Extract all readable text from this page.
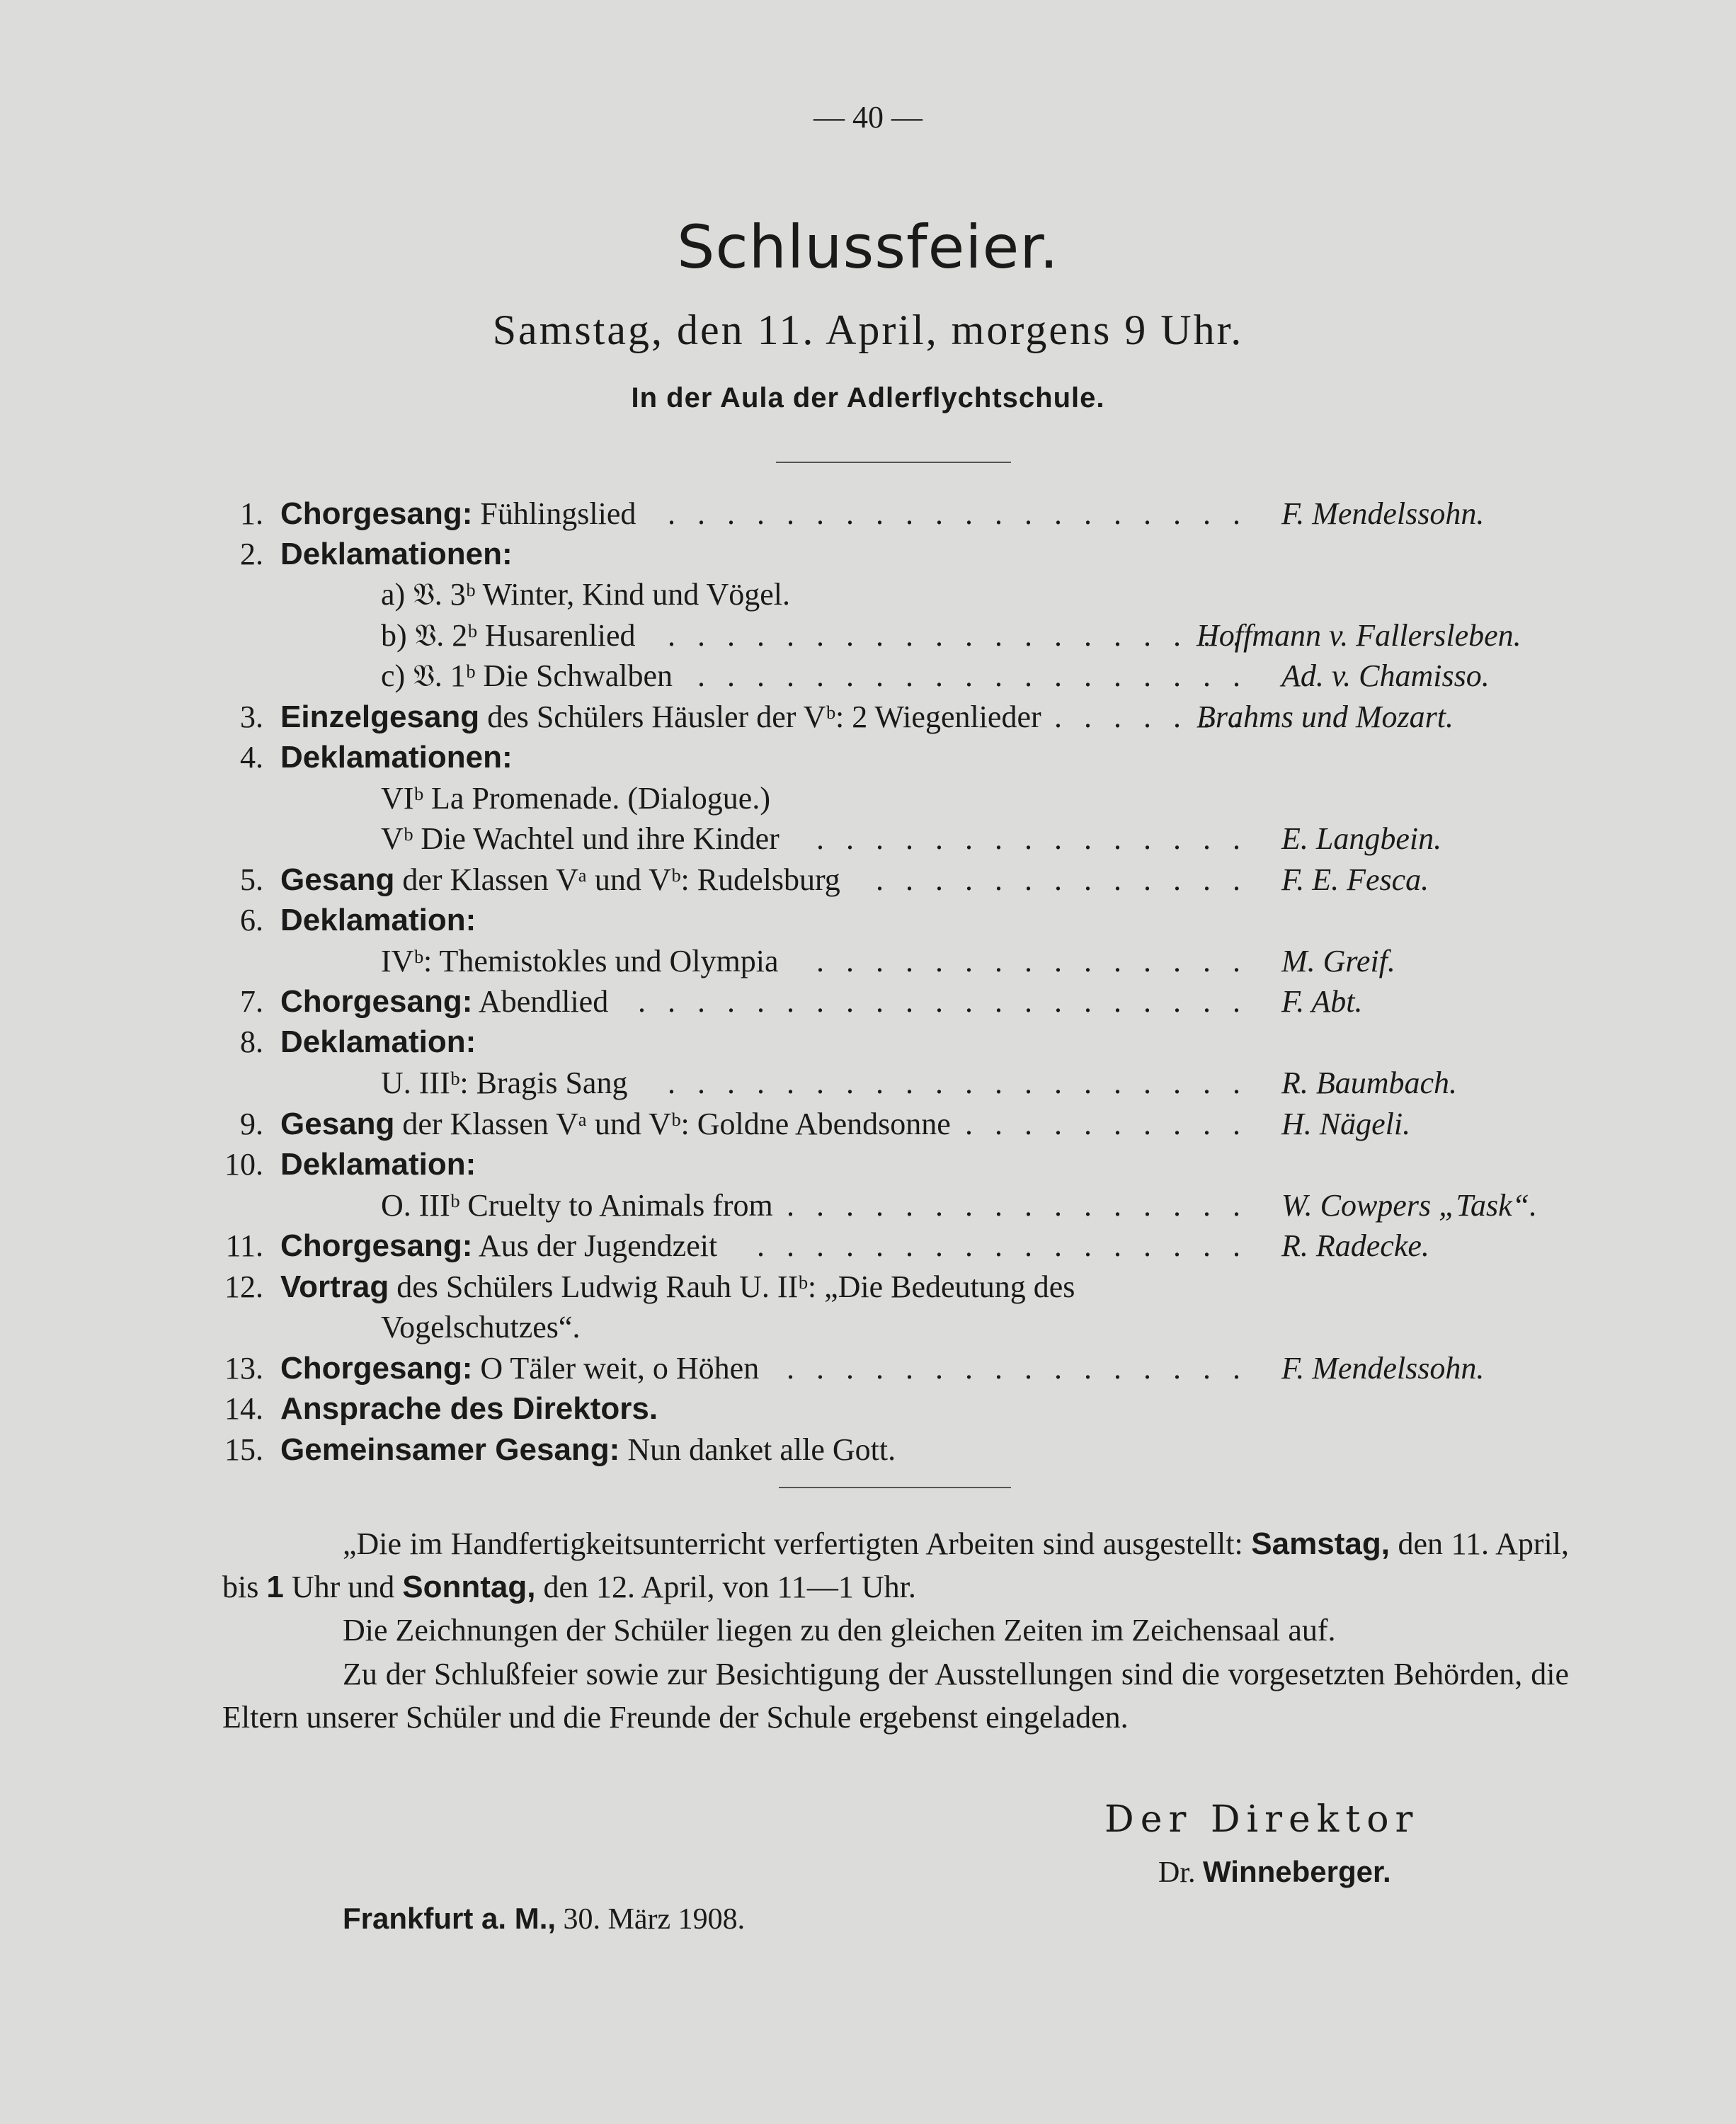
— 40 —
Schlussfeier.
Samstag, den 11. April, morgens 9 Uhr.
In der Aula der Adlerflychtschule.
1. Chorgesang: Fühlingslied . . . . . . . . . . . . . . . . . . . . F. Mendelssohn.
2. Deklamationen:
a) 𝔙. 3ᵇ Winter, Kind und Vögel.
b) 𝔙. 2ᵇ Husarenlied . . . . . . . . . . . . . . . . . . . .
Hoffmann v. Fallersleben.
c) 𝔙. 1ᵇ Die Schwalben . . . . . . . . . . . . . . . . . . . Ad. v. Chamisso.
3. Einzelgesang des Schülers Häusler der Vᵇ: 2 Wiegenlieder . . . . . . .
Brahms und Mozart.
4. Deklamationen:
VIᵇ La Promenade. (Dialogue.)
Vᵇ Die Wachtel und ihre Kinder . . . . . . . . . . . . . . . E. Langbein.
5. Gesang der Klassen Vᵃ und Vᵇ: Rudelsburg . . . . . . . . . . . . . F. E. Fesca.
6. Deklamation:
IVᵇ: Themistokles und Olympia . . . . . . . . . . . . . . . M. Greif.
7. Chorgesang: Abendlied . . . . . . . . . . . . . . . . . . . . . F. Abt.
8. Deklamation:
U. IIIᵇ: Bragis Sang . . . . . . . . . . . . . . . . . . . . R. Baumbach.
9. Gesang der Klassen Vᵃ und Vᵇ: Goldne Abendsonne . . . . . . . . . . H. Nägeli.
10. Deklamation:
O. IIIᵇ Cruelty to Animals from . . . . . . . . . . . . . . . . W. Cowpers „Task“.
11. Chorgesang: Aus der Jugendzeit . . . . . . . . . . . . . . . . . R. Radecke.
12. Vortrag des Schülers Ludwig Rauh U. IIᵇ: „Die Bedeutung des
Vogelschutzes“.
13. Chorgesang: O Täler weit, o Höhen . . . . . . . . . . . . . . . . F. Mendelssohn.
14. Ansprache des Direktors.
15. Gemeinsamer Gesang: Nun danket alle Gott.
„Die im Handfertigkeitsunterricht verfertigten Arbeiten sind ausgestellt: Samstag, den 11. April, bis 1 Uhr und Sonntag, den 12. April, von 11—1 Uhr.
Die Zeichnungen der Schüler liegen zu den gleichen Zeiten im Zeichensaal auf.
Zu der Schlußfeier sowie zur Besichtigung der Ausstellungen sind die vorgesetzten Behörden, die Eltern unserer Schüler und die Freunde der Schule ergebenst eingeladen.
Der Direktor
Dr. Winneberger.
Frankfurt a. M., 30. März 1908.
